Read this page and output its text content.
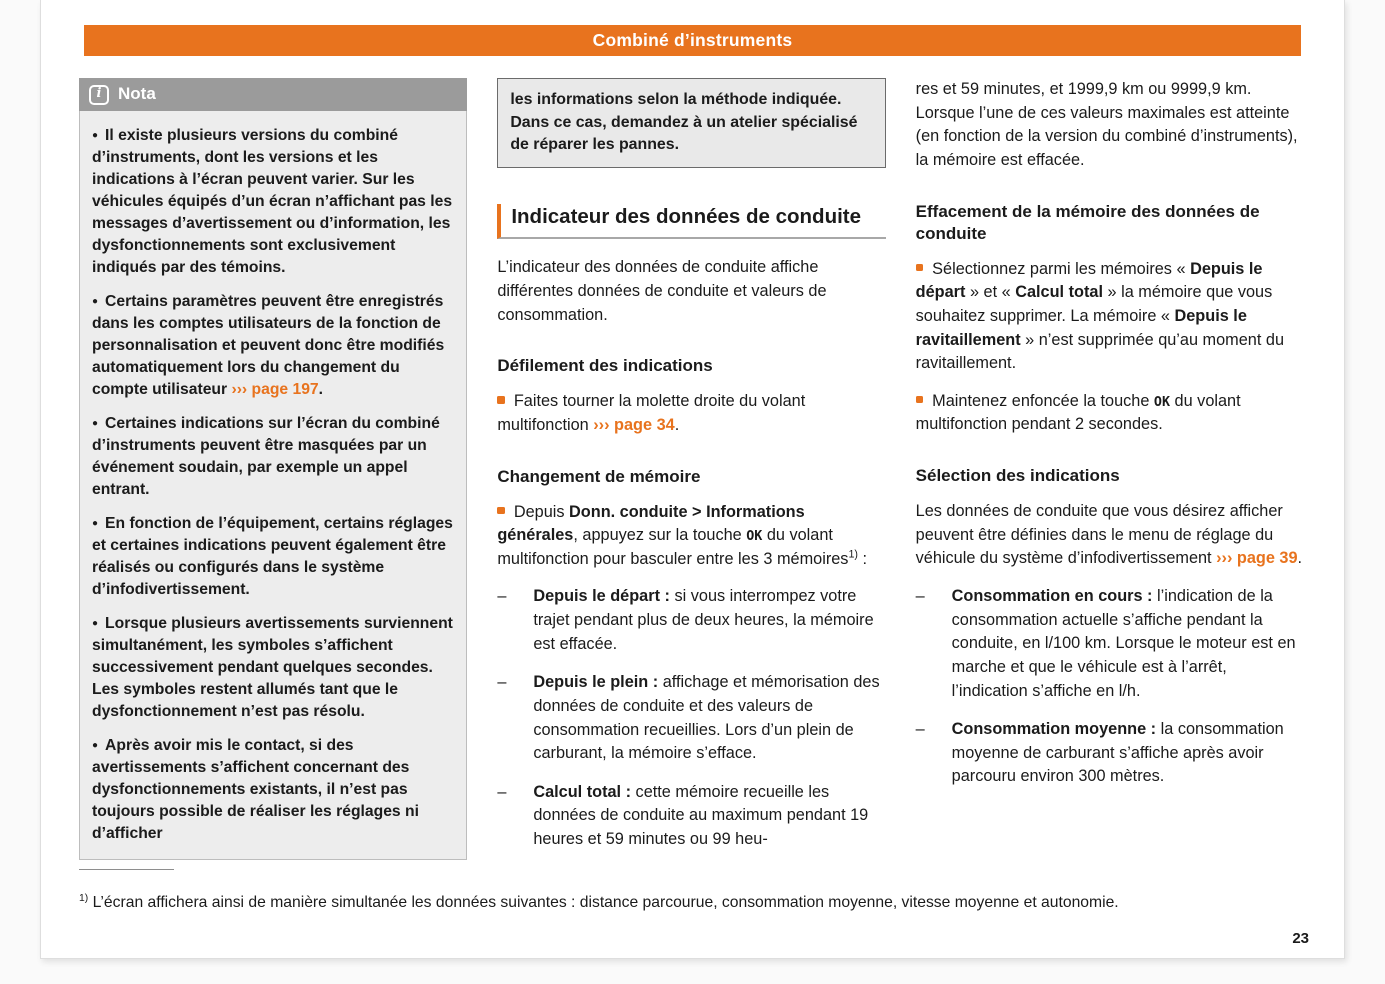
Combiné d’instruments
i Nota

● Il existe plusieurs versions du combiné d’instruments, dont les versions et les indications à l’écran peuvent varier. Sur les véhicules équipés d’un écran n’affichant pas les messages d’avertissement ou d’information, les dysfonctionnements sont exclusivement indiqués par des témoins.

● Certains paramètres peuvent être enregistrés dans les comptes utilisateurs de la fonction de personnalisation et peuvent donc être modifiés automatiquement lors du changement du compte utilisateur ››› page 197.

● Certaines indications sur l’écran du combiné d’instruments peuvent être masquées par un événement soudain, par exemple un appel entrant.

● En fonction de l’équipement, certains réglages et certaines indications peuvent également être réalisés ou configurés dans le système d’infodivertissement.

● Lorsque plusieurs avertissements surviennent simultanément, les symboles s’affichent successivement pendant quelques secondes. Les symboles restent allumés tant que le dysfonctionnement n’est pas résolu.

● Après avoir mis le contact, si des avertissements s’affichent concernant des dysfonctionnements existants, il n’est pas toujours possible de réaliser les réglages ni d’afficher

les informations selon la méthode indiquée. Dans ce cas, demandez à un atelier spécialisé de réparer les pannes.
Indicateur des données de conduite

L’indicateur des données de conduite affiche différentes données de conduite et valeurs de consommation.

Défilement des indications

Faites tourner la molette droite du volant multifonction ››› page 34.

Changement de mémoire

Depuis Donn. conduite > Informations générales, appuyez sur la touche OK du volant multifonction pour basculer entre les 3 mémoires$^{1)}$ :

–	Depuis le départ : si vous interrompez votre trajet pendant plus de deux heures, la mémoire est effacée.

–	Depuis le plein : affichage et mémorisation des données de conduite et des valeurs de consommation recueillies. Lors d’un plein de carburant, la mémoire s’efface.

–	Calcul total : cette mémoire recueille les données de conduite au maximum pendant 19 heures et 59 minutes ou 99 heu-

res et 59 minutes, et 1999,9 km ou 9999,9 km. Lorsque l’une de ces valeurs maximales est atteinte (en fonction de la version du combiné d’instruments), la mémoire est effacée.

Effacement de la mémoire des données de conduite

Sélectionnez parmi les mémoires « Depuis le départ » et « Calcul total » la mémoire que vous souhaitez supprimer. La mémoire « Depuis le ravitaillement » n’est supprimée qu’au moment du ravitaillement.

Maintenez enfoncée la touche OK du volant multifonction pendant 2 secondes.

Sélection des indications

Les données de conduite que vous désirez afficher peuvent être définies dans le menu de réglage du véhicule du système d’infodivertissement ››› page 39.

–	Consommation en cours : l’indication de la consommation actuelle s’affiche pendant la conduite, en l/100 km. Lorsque le moteur est en marche et que le véhicule est à l’arrêt, l’indication s’affiche en l/h.

–	Consommation moyenne : la consommation moyenne de carburant s’affiche après avoir parcouru environ 300 mètres.

$^{1)}$ L’écran affichera ainsi de manière simultanée les données suivantes : distance parcourue, consommation moyenne, vitesse moyenne et autonomie.

23
